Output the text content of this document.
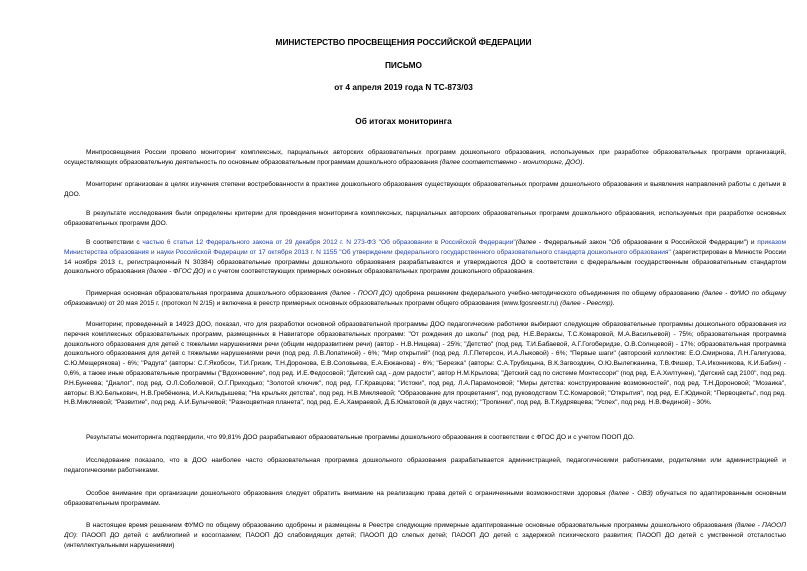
МИНИСТЕРСТВО ПРОСВЕЩЕНИЯ РОССИЙСКОЙ ФЕДЕРАЦИИ
ПИСЬМО
от 4 апреля 2019 года N ТС-873/03
Об итогах мониторинга

Минпросвещения России провело мониторинг комплексных, парциальных авторских образовательных программ дошкольного образования, используемых при разработке образовательных программ организаций, осуществляющих образовательную деятельность по основным образовательным программам дошкольного образования (далее соответственно - мониторинг, ДОО).

Мониторинг организован в целях изучения степени востребованности в практике дошкольного образования существующих образовательных программ дошкольного образования и выявления направлений работы с детьми в ДОО.

В результате исследования были определены критерии для проведения мониторинга комплексных, парциальных авторских образовательных программ дошкольного образования, используемых при разработке основных образовательных программ ДОО.

В соответствии с частью 6 статьи 12 Федерального закона от 29 декабря 2012 г. N 273-ФЗ "Об образовании в Российской Федерации"(далее - Федеральный закон "Об образовании в Российской Федерации") и приказом Министерства образования и науки Российской Федерации от 17 октября 2013 г. N 1155 "Об утверждении федерального государственного образовательного стандарта дошкольного образования" (зарегистрирован в Минюсте России 14 ноября 2013 г., регистрационный N 30384) образовательные программы дошкольного образования разрабатываются и утверждаются ДОО в соответствии с федеральным государственным образовательным стандартом дошкольного образования (далее - ФГОС ДО) и с учетом соответствующих примерных основных образовательных программ дошкольного образования.

Примерная основная образовательная программа дошкольного образования (далее - ПООП ДО) одобрена решением федерального учебно-методического объединения по общему образованию (далее - ФУМО по общему образованию) от 20 мая 2015 г. (протокол N 2/15) и включена в реестр примерных основных образовательных программ общего образования (www.fgosreestr.ru) (далее - Реестр).

Мониторинг, проведенный в 14923 ДОО, показал, что для разработки основной образовательной программы ДОО педагогические работники выбирают следующие образовательные программы дошкольного образования из перечня комплексных образовательных программ, размещенных в Навигаторе образовательных программ: "От рождения до школы" (под ред. Н.Е.Вераксы, Т.С.Комаровой, М.А.Васильевой) - 75%; образовательная программа дошкольного образования для детей с тяжелыми нарушениями речи (общим недоразвитием речи) (автор - Н.В.Нищева) - 25%; "Детство" (под ред. Т.И.Бабаевой, А.Г.Гогоберидзе, О.В.Солнцевой) - 17%; образовательная программа дошкольного образования для детей с тяжелыми нарушениями речи (под ред. Л.В.Лопатиной) - 6%; "Мир открытий" (под ред. Л.Г.Петерсон, И.А.Лыковой) - 6%; "Первые шаги" (авторский коллектив: Е.О.Смирнова, Л.Н.Галигузова, С.Ю.Мещерякова) - 6%; "Радуга" (авторы: С.Г.Якобсон, Т.И.Гризик, Т.Н.Доронова, Е.В.Соловьева, Е.А.Екжанова) - 6%; "Березка" (авторы: С.А.Трубицына, В.К.Загвоздкин, О.Ю.Вылегжанина, Т.В.Фишер, Т.А.Иконникова, К.И.Бабич) - 0,6%, а также иные образовательные программы ("Вдохновение", под ред. И.Е.Федосовой; "Детский сад - дом радости", автор Н.М.Крылова; "Детский сад по системе Монтессори" (под ред. Е.А.Хилтунен), "Детский сад 2100", под ред. Р.Н.Бунеева; "Диалог", под ред. О.Л.Соболевой, О.Г.Приходько; "Золотой ключик", под ред. Г.Г.Кравцова; "Истоки", под ред. Л.А.Парамоновой; "Миры детства: конструирование возможностей", под ред. Т.Н.Дороновой; "Мозаика", авторы: В.Ю.Белькович, Н.В.Гребёнкина, И.А.Кильдышева; "На крыльях детства", под ред. Н.В.Микляевой; "Образование для процветания", под руководством Т.С.Комаровой; "Открытия", под ред. Е.Г.Юдиной; "Первоцветы", под ред. Н.В.Микляевой; "Развитие", под ред. А.И.Булычевой; "Разноцветная планета", под ред. Е.А.Хамраевой, Д.Б.Юматовой (в двух частях); "Тропинки", под ред. В.Т.Кудрявцева; "Успех", под ред. Н.В.Фединой) - 30%.

Результаты мониторинга подтвердили, что 99,81% ДОО разрабатывают образовательные программы дошкольного образования в соответствии с ФГОС ДО и с учетом ПООП ДО.

Исследование показало, что в ДОО наиболее часто образовательная программа дошкольного образования разрабатывается администрацией, педагогическими работниками, родителями или администрацией и педагогическими работниками.

Особое внимание при организации дошкольного образования следует обратить внимание на реализацию права детей с ограниченными возможностями здоровья (далее - ОВЗ) обучаться по адаптированным основным образовательным программам.

В настоящее время решением ФУМО по общему образованию одобрены и размещены в Реестре следующие примерные адаптированные основные образовательные программы дошкольного образования (далее - ПАООП ДО): ПАООП ДО детей с амблиопией и косоглазием; ПАООП ДО слабовидящих детей; ПАООП ДО слепых детей; ПАООП ДО детей с задержкой психического развития; ПАООП ДО детей с умственной отсталостью (интеллектуальными нарушениями)
